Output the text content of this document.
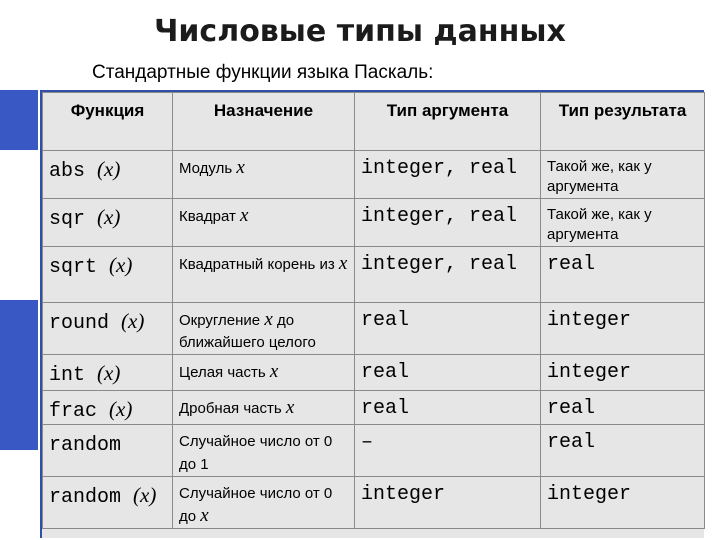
Числовые типы данных
Стандартные функции языка Паскаль:
Функция	Назначение	Тип аргумента	Тип результата
abs (x)	Модуль x	integer, real	Такой же, как у аргумента
sqr (x)	Квадрат x	integer, real	Такой же, как у аргумента
sqrt (x)	Квадратный корень из x	integer, real	real
round (x)	Округление x до ближайшего целого	real	integer
int (x)	Целая часть x	real	integer
frac (x)	Дробная часть x	real	real
random	Случайное число от 0 до 1	–	real
random (x)	Случайное число от 0 до x	integer	integer
